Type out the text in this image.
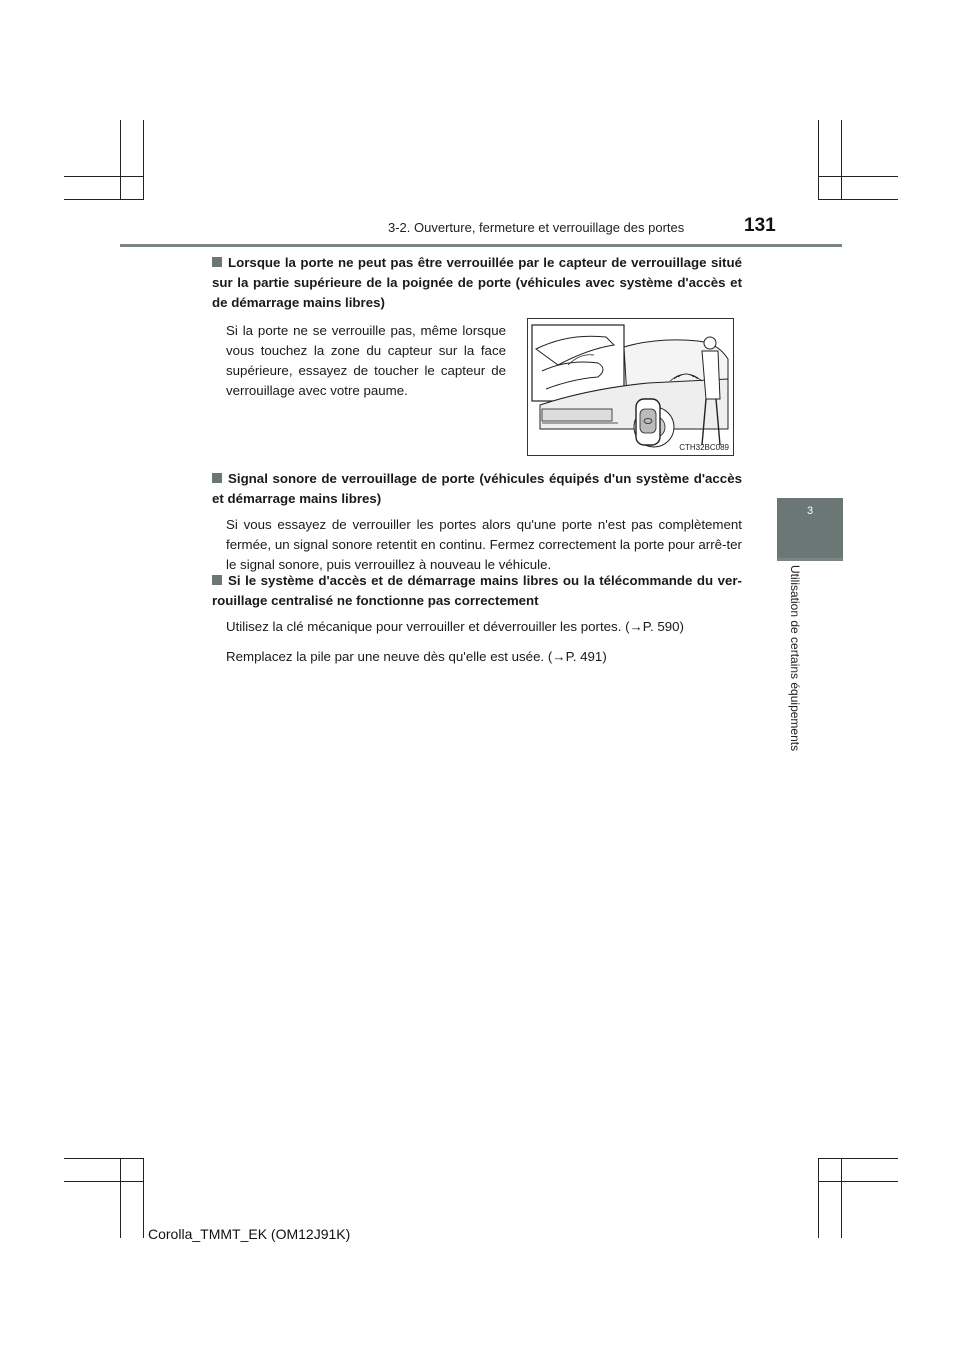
3-2. Ouverture, fermeture et verrouillage des portes	131
3
Utilisation de certains équipements

Lorsque la porte ne peut pas être verrouillée par le capteur de verrouillage situé sur la partie supérieure de la poignée de porte (véhicules avec système d'accès et de démarrage mains libres)

Si la porte ne se verrouille pas, même lorsque vous touchez la zone du capteur sur la face supérieure, essayez de toucher le capteur de verrouillage avec votre paume.

CTH32BC089

Signal sonore de verrouillage de porte (véhicules équipés d'un système d'accès et démarrage mains libres)

Si vous essayez de verrouiller les portes alors qu'une porte n'est pas complètement fermée, un signal sonore retentit en continu. Fermez correctement la porte pour arrê-ter le signal sonore, puis verrouillez à nouveau le véhicule.

Si le système d'accès et de démarrage mains libres ou la télécommande du ver-rouillage centralisé ne fonctionne pas correctement

Utilisez la clé mécanique pour verrouiller et déverrouiller les portes. (→P. 590)

Remplacez la pile par une neuve dès qu'elle est usée. (→P. 491)

Corolla_TMMT_EK (OM12J91K)
